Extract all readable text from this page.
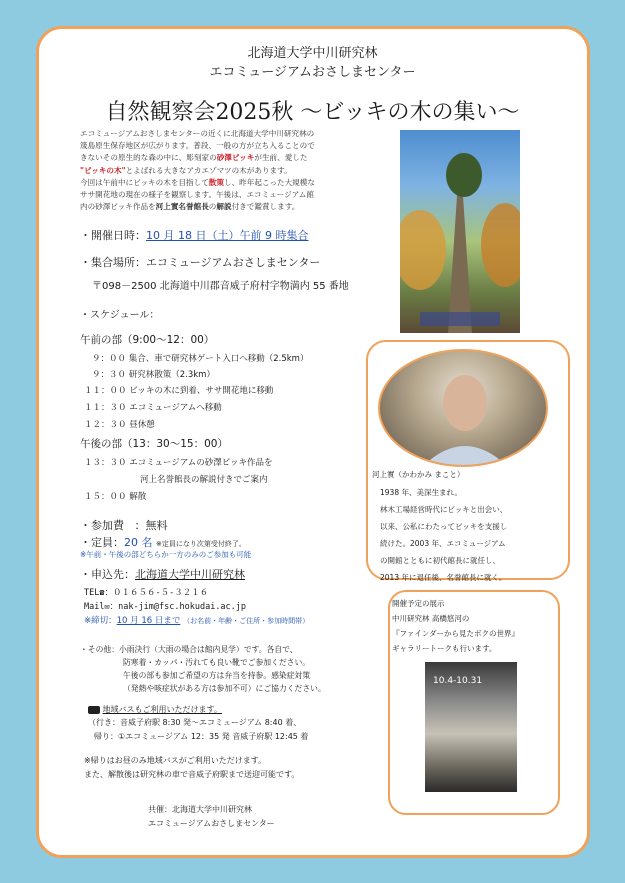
北海道大学中川研究林
エコミュージアムおさしまセンター
自然観察会2025秋 ～ビッキの木の集い～

エコミュージアムおさしまセンターの近くに北海道大学中川研究林の

筬島原生保存地区が広がります。普段、一般の方が立ち入ることので

きないその原生的な森の中に、彫刻家の砂澤ビッキが生前、愛した

"ビッキの木"とよばれる大きなアカエゾマツの木があります。

今回は午前中にビッキの木を目指して散策し、昨年起こった大規模な

ササ開花地の現在の様子を観察します。午後は、エコミュージアム館

内の砂澤ビッキ作品を河上實名誉館長の解説付きで鑑賞します。

・開催日時：10 月 18 日（土）午前 9 時集合
・集合場所：エコミュージアムおさしまセンター
〒098－2500 北海道中川郡音威子府村字物満内 55 番地
・スケジュール：
午前の部（9:00～12：00）
９：００ 集合、車で研究林ゲート入口へ移動（2.5km）
９：３０ 研究林散策（2.3km）
１１：００ ビッキの木に到着、ササ開花地に移動
１１：３０ エコミュージアムへ移動
１２：３０ 昼休憩
午後の部（13：30～15：00）
１３：３０ エコミュージアムの砂澤ビッキ作品を
河上名誉館長の解説付きでご案内
１５：００ 解散
・参加費 ：無料
・定員：20 名 ※定員になり次第受付終了。
※午前・午後の部どちらか一方のみのご参加も可能
・申込先：北海道大学中川研究林
TEL☎：０１６５６-５-３２１６
Mail✉：nak-jim@fsc.hokudai.ac.jp
※締切：10 月 16 日まで （お名前・年齢・ご住所・参加時間帯）
・その他：小雨決行（大雨の場合は館内見学）です。各自で、
防寒着・カッパ・汚れても良い靴でご参加ください。
午後の部も参加ご希望の方は弁当を持参。感染症対策
（発熱や咳症状がある方は参加不可）にご協力ください。
地域バスもご利用いただけます。
（行き：音威子府駅 8:30 発～エコミュージアム 8:40 着、
帰り：①エコミュージアム 12：35 発 音威子府駅 12:45 着
※帰りはお昼のみ地域バスがご利用いただけます。
また、解散後は研究林の車で音威子府駅まで送迎可能です。
共催：北海道大学中川研究林
エコミュージアムおさしまセンター
河上實（かわかみ まこと）
1938 年、美深生まれ。
林木工場経営時代にビッキと出会い、
以来、公私にわたってビッキを支援し
続けた。2003 年、エコミュージアム
の開館とともに初代館長に就任し、
2013 年に退任後、名誉館長に就く。
開催予定の展示
中川研究林 高橋悠河の
『ファインダーから見たボクの世界』
ギャラリートークも行います。
10.4-10.31
